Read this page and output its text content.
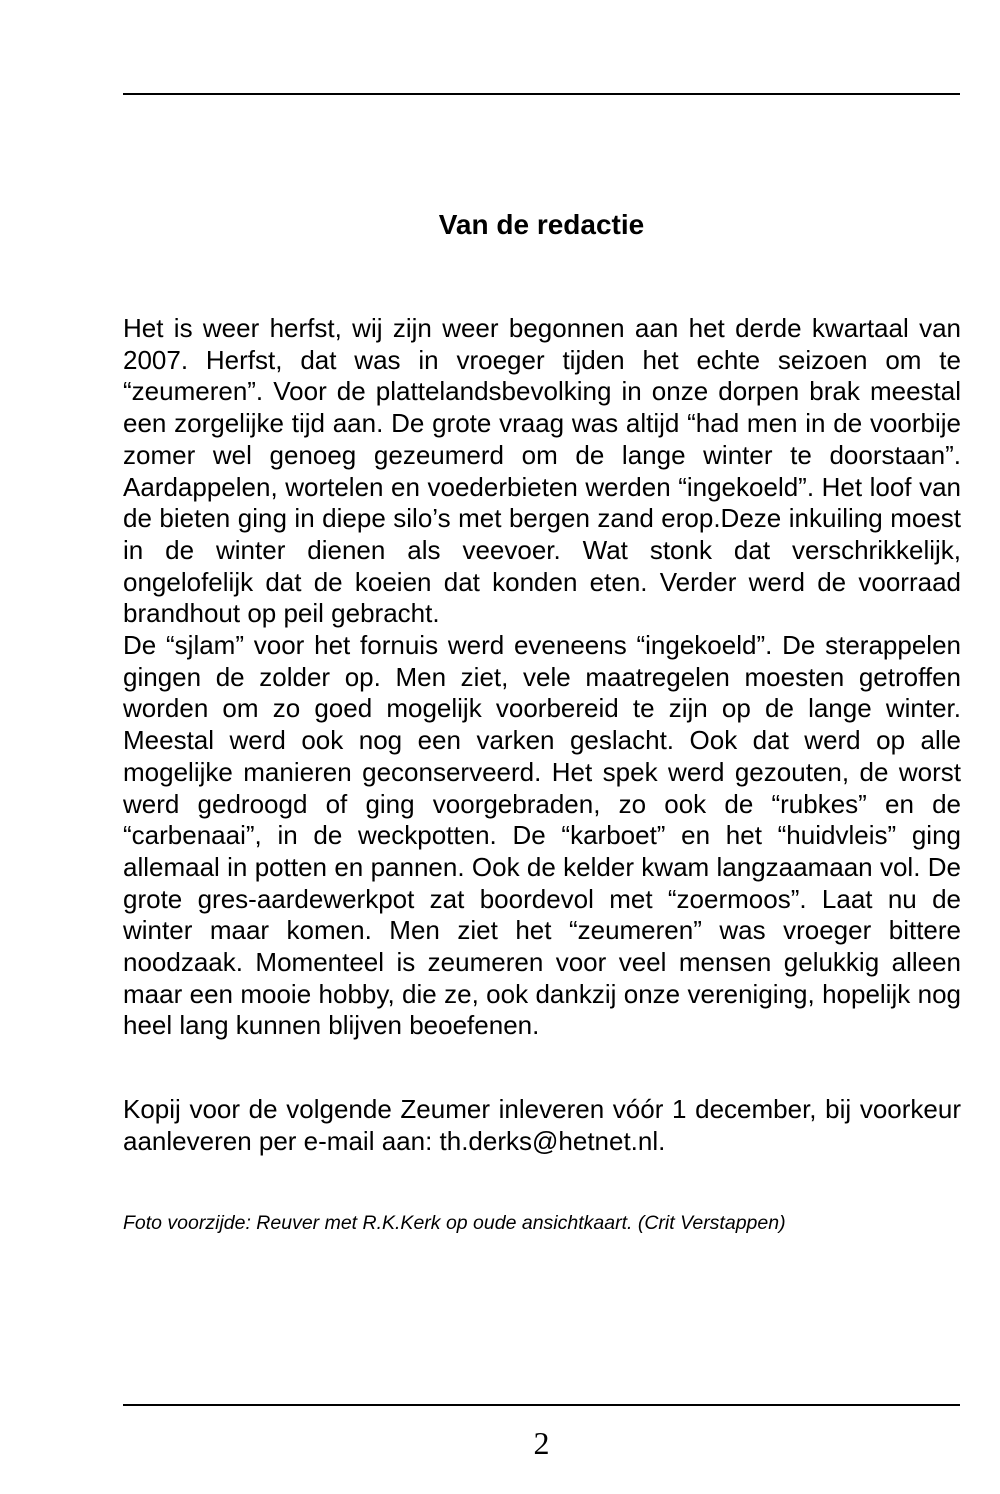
Van de redactie

Het is weer herfst, wij zijn weer begonnen aan het derde kwartaal van 2007. Herfst, dat was in vroeger tijden het echte seizoen om te “zeumeren”. Voor de plattelandsbevolking in onze dorpen brak meestal een zorgelijke tijd aan. De grote vraag was altijd “had men in de voorbije zomer wel genoeg gezeumerd om de lange winter te doorstaan”. Aardappelen, wortelen en voederbieten werden “ingekoeld”. Het loof van de bieten ging in diepe silo’s met bergen zand erop.Deze inkuiling moest in de winter dienen als veevoer. Wat stonk dat verschrikkelijk, ongelofelijk dat de koeien dat konden eten. Verder werd de voorraad brandhout op peil gebracht.

De “sjlam” voor het fornuis werd eveneens “ingekoeld”. De sterappelen gingen de zolder op. Men ziet, vele maatregelen moesten getroffen worden om zo goed mogelijk voorbereid te zijn op de lange winter. Meestal werd ook nog een varken geslacht. Ook dat werd op alle mogelijke manieren geconserveerd. Het spek werd gezouten, de worst werd gedroogd of ging voorgebraden, zo ook de “rubkes” en de “carbenaai”, in de weckpotten. De “karboet” en het “huidvleis” ging allemaal in potten en pannen. Ook de kelder kwam langzaamaan vol. De grote gres-aardewerkpot zat boordevol met “zoermoos”. Laat nu de winter maar komen. Men ziet het “zeumeren” was vroeger bittere noodzaak. Momenteel is zeumeren voor veel mensen gelukkig alleen maar een mooie hobby, die ze, ook dankzij onze vereniging, hopelijk nog heel lang kunnen blijven beoefenen.

Kopij voor de volgende Zeumer inleveren vóór 1 december, bij voorkeur aanleveren per e-mail aan: th.derks@hetnet.nl.

Foto voorzijde: Reuver met R.K.Kerk op oude ansichtkaart. (Crit Verstappen)

2
